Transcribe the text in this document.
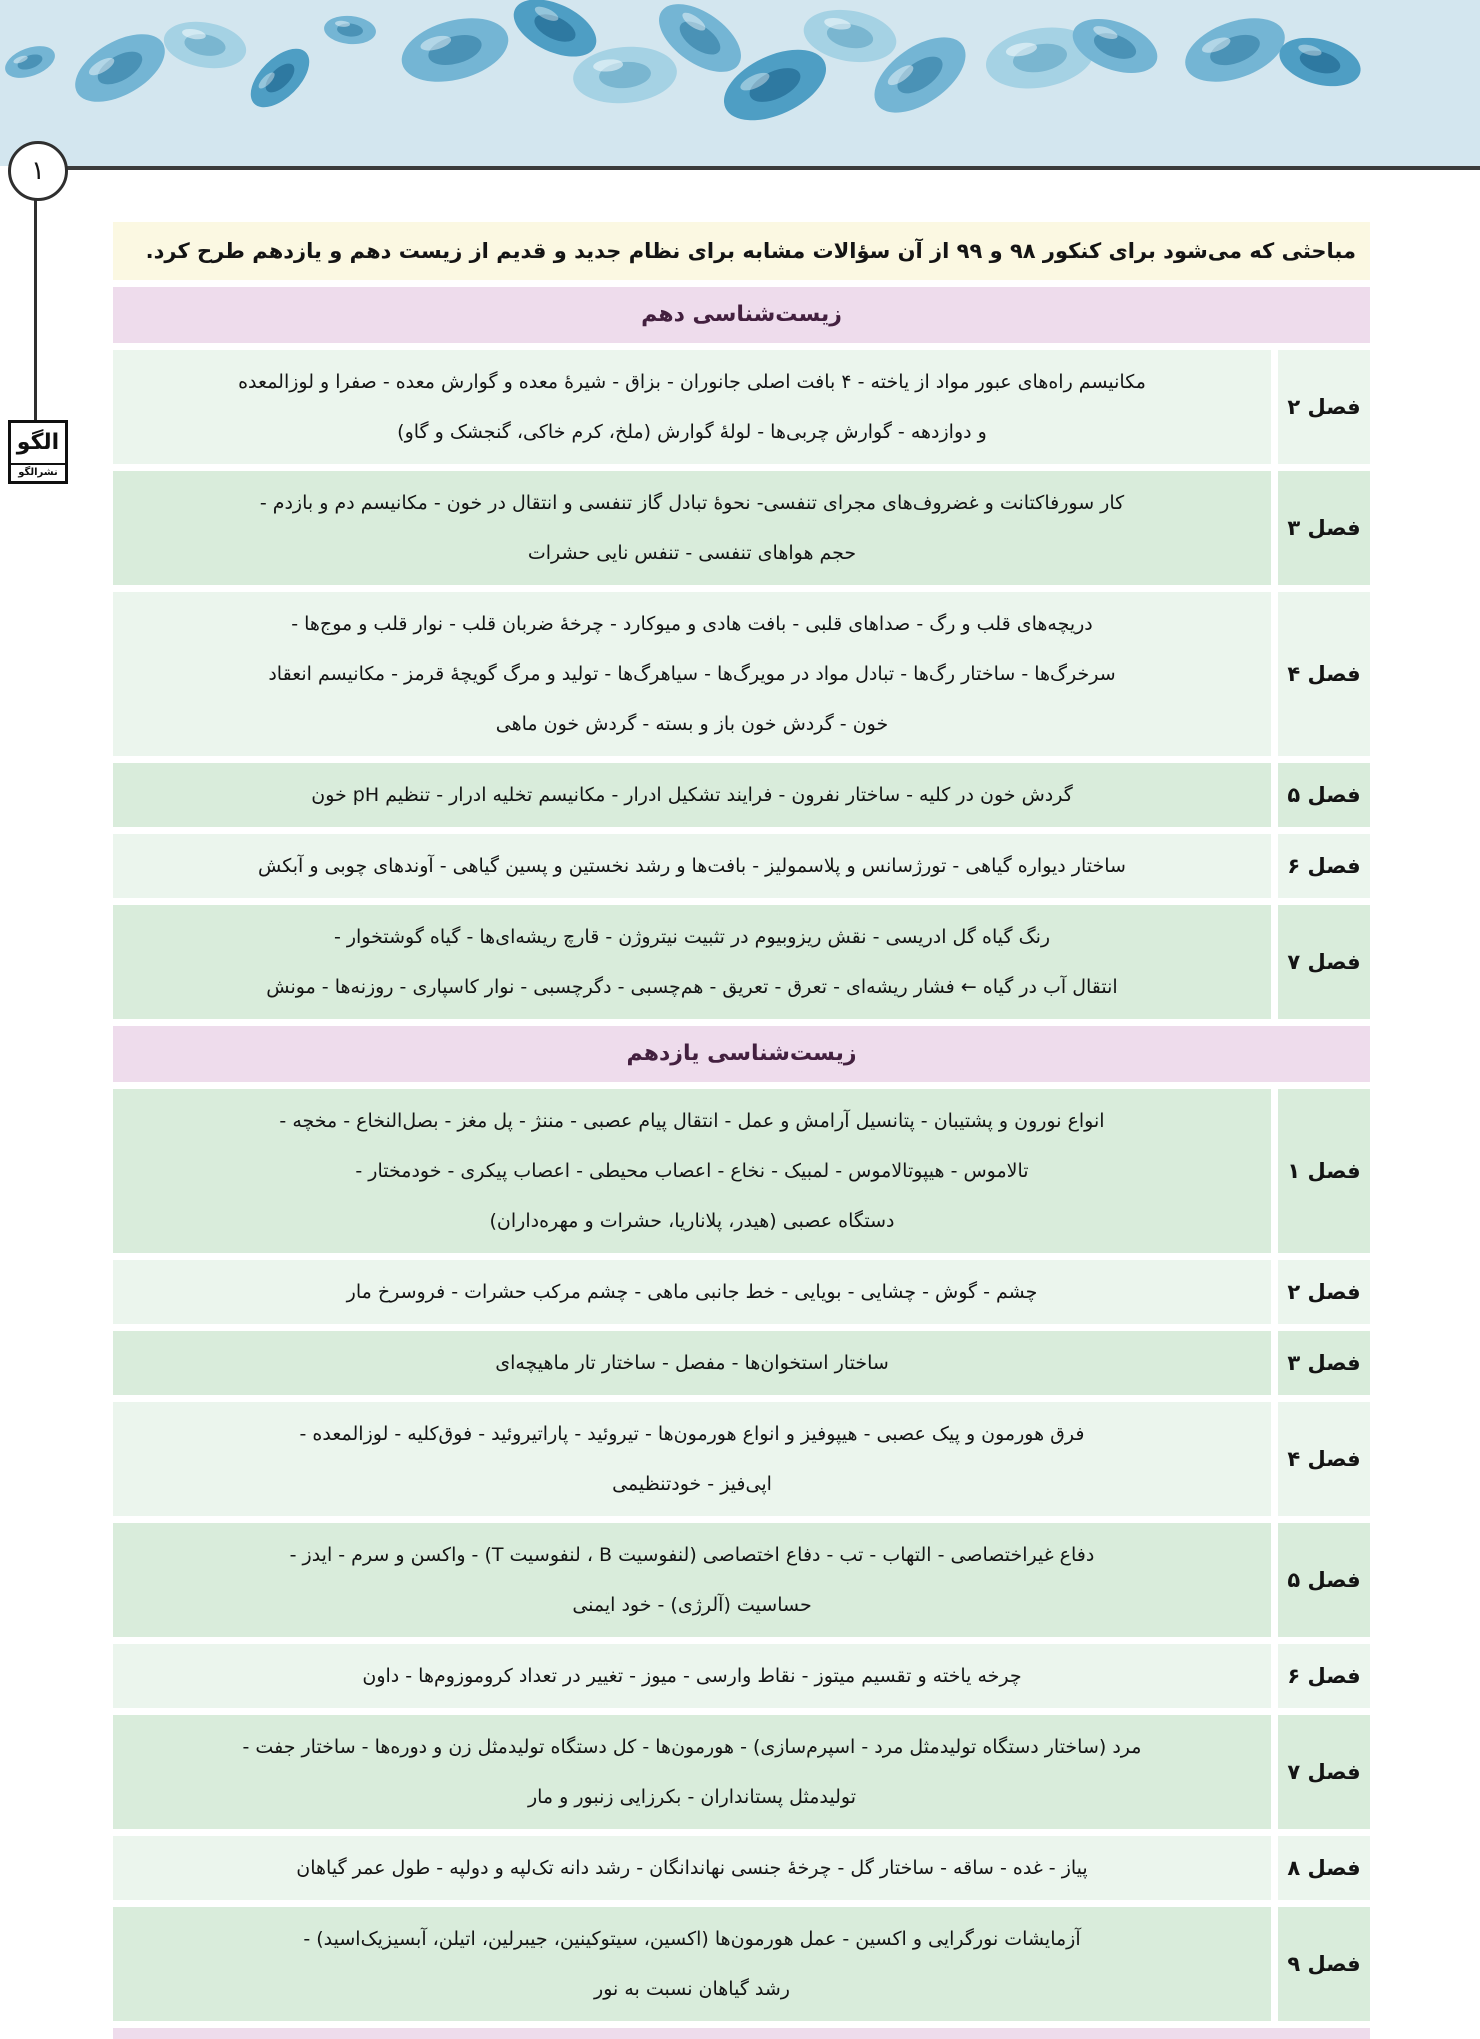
۱
الگو
نشرالگو
مباحثی که می‌شود برای کنکور ۹۸ و ۹۹ از آن سؤالات مشابه برای نظام جدید و قدیم از زیست دهم و یازدهم طرح کرد.
زیست‌شناسی دهم
فصل ۲
مکانیسم راه‌های عبور مواد از یاخته - ۴ بافت اصلی جانوران - بزاق - شیرهٔ معده و گوارش معده - صفرا و لوزالمعده
و دوازدهه - گوارش چربی‌ها - لولهٔ گوارش (ملخ، کرم خاکی، گنجشک و گاو)
فصل ۳
کار سورفاکتانت و غضروف‌های مجرای تنفسی- نحوهٔ تبادل گاز تنفسی و انتقال در خون - مکانیسم دم و بازدم -
حجم هواهای تنفسی - تنفس نایی حشرات
فصل ۴
دریچه‌های قلب و رگ - صداهای قلبی - بافت هادی و میوکارد - چرخهٔ ضربان قلب - نوار قلب و موج‌ها -
سرخرگ‌ها - ساختار رگ‌ها - تبادل مواد در مویرگ‌ها - سیاهرگ‌ها - تولید و مرگ گویچهٔ قرمز - مکانیسم انعقاد
خون - گردش خون باز و بسته - گردش خون ماهی
فصل ۵
گردش خون در کلیه - ساختار نفرون - فرایند تشکیل ادرار - مکانیسم تخلیه ادرار - تنظیم pH خون
فصل ۶
ساختار دیواره گیاهی - تورژسانس و پلاسمولیز - بافت‌ها و رشد نخستین و پسین گیاهی - آوندهای چوبی و آبکش
فصل ۷
رنگ گیاه گل ادریسی - نقش ریزوبیوم در تثبیت نیتروژن - قارچ ریشه‌ای‌ها - گیاه گوشتخوار -
انتقال آب در گیاه ← فشار ریشه‌ای - تعرق - تعریق - هم‌چسبی - دگرچسبی - نوار کاسپاری - روزنه‌ها - مونش
زیست‌شناسی یازدهم
فصل ۱
انواع نورون و پشتیبان - پتانسیل آرامش و عمل - انتقال پیام عصبی - مننژ - پل مغز - بصل‌النخاع - مخچه -
تالاموس - هیپوتالاموس - لمبیک - نخاع - اعصاب محیطی - اعصاب پیکری - خودمختار -
دستگاه عصبی (هیدر، پلاناریا، حشرات و مهره‌داران)
فصل ۲
چشم - گوش - چشایی - بویایی - خط جانبی ماهی - چشم مرکب حشرات - فروسرخ مار
فصل ۳
ساختار استخوان‌ها - مفصل - ساختار تار ماهیچه‌ای
فصل ۴
فرق هورمون و پیک عصبی - هیپوفیز و انواع هورمون‌ها - تیروئید - پاراتیروئید - فوق‌کلیه - لوزالمعده -
اپی‌فیز - خودتنظیمی
فصل ۵
دفاع غیراختصاصی - التهاب - تب - دفاع اختصاصی (لنفوسیت B ، لنفوسیت T) - واکسن و سرم - ایدز -
حساسیت (آلرژی) - خود ایمنی
فصل ۶
چرخه یاخته و تقسیم میتوز - نقاط وارسی - میوز - تغییر در تعداد کروموزوم‌ها - داون
فصل ۷
مرد (ساختار دستگاه تولیدمثل مرد - اسپرم‌سازی) - هورمون‌ها - کل دستگاه تولیدمثل زن و دوره‌ها - ساختار جفت -
تولیدمثل پستانداران - بکرزایی زنبور و مار
فصل ۸
پیاز - غده - ساقه - ساختار گل - چرخهٔ جنسی نهاندانگان - رشد دانه تک‌لپه و دولپه - طول عمر گیاهان
فصل ۹
آزمایشات نورگرایی و اکسین - عمل هورمون‌ها (اکسین، سیتوکینین، جیبرلین، اتیلن، آبسیزیک‌اسید) -
رشد گیاهان نسبت به نور
